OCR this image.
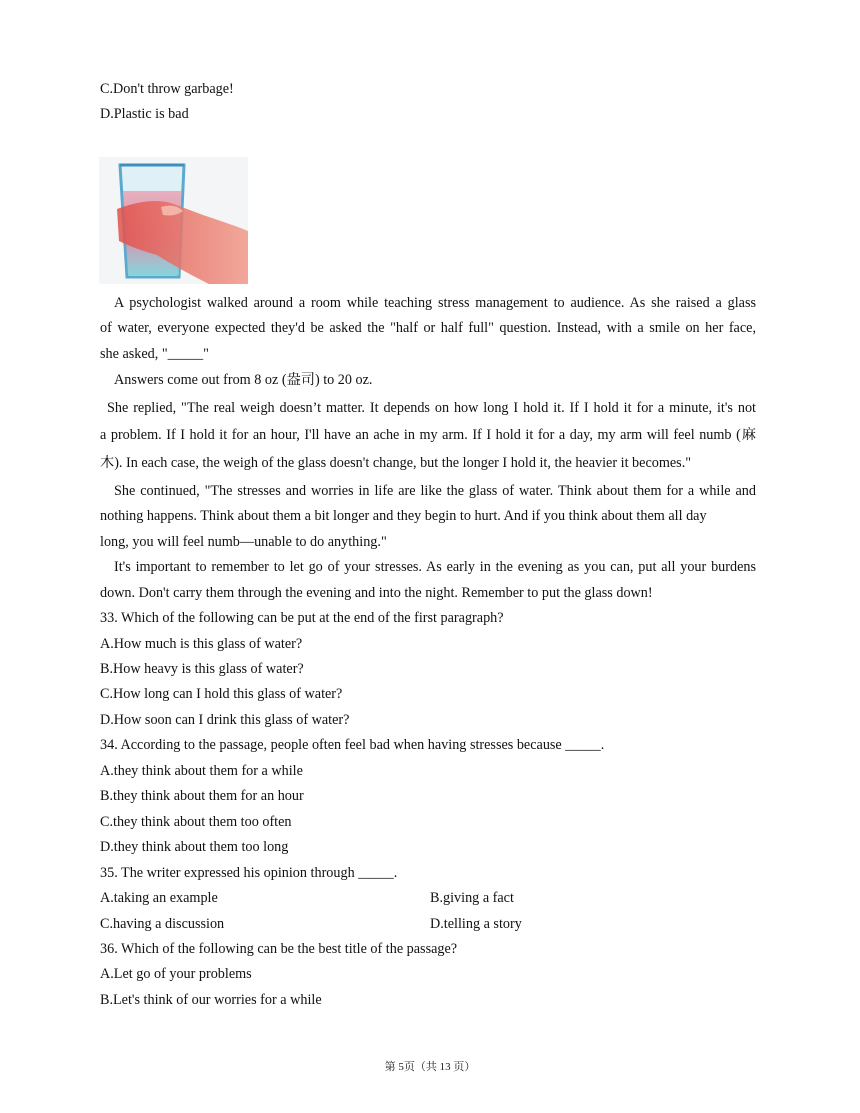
C.Don't throw garbage!
D.Plastic is bad
A psychologist walked around a room while teaching stress management to audience. As she raised a glass
of water, everyone expected they'd be asked the "half or half full" question. Instead, with a smile on her face,
she asked, "_____"
Answers come out from 8 oz (盎司) to 20 oz.
She replied, "The real weigh doesn’t matter. It depends on how long I hold it. If I hold it for a minute, it's not
a problem. If I hold it for an hour, I'll have an ache in my arm. If I hold it for a day, my arm will feel numb (麻
木). In each case, the weigh of the glass doesn't change, but the longer I hold it, the heavier it becomes."
She continued, "The stresses and worries in life are like the glass of water. Think about them for a while and
nothing happens. Think about them a bit longer and they begin to hurt. And if you think about them all day
long, you will feel numb—unable to do anything."
It's important to remember to let go of your stresses. As early in the evening as you can, put all your burdens
down. Don't carry them through the evening and into the night. Remember to put the glass down!
33. Which of the following can be put at the end of the first paragraph?
A.How much is this glass of water?
B.How heavy is this glass of water?
C.How long can I hold this glass of water?
D.How soon can I drink this glass of water?
34. According to the passage, people often feel bad when having stresses because _____.
A.they think about them for a while
B.they think about them for an hour
C.they think about them too often
D.they think about them too long
35. The writer expressed his opinion through _____.
A.taking an example	B.giving a fact
C.having a discussion	D.telling a story
36. Which of the following can be the best title of the passage?
A.Let go of your problems
B.Let's think of our worries for a while
第 5页（共 13 页）
